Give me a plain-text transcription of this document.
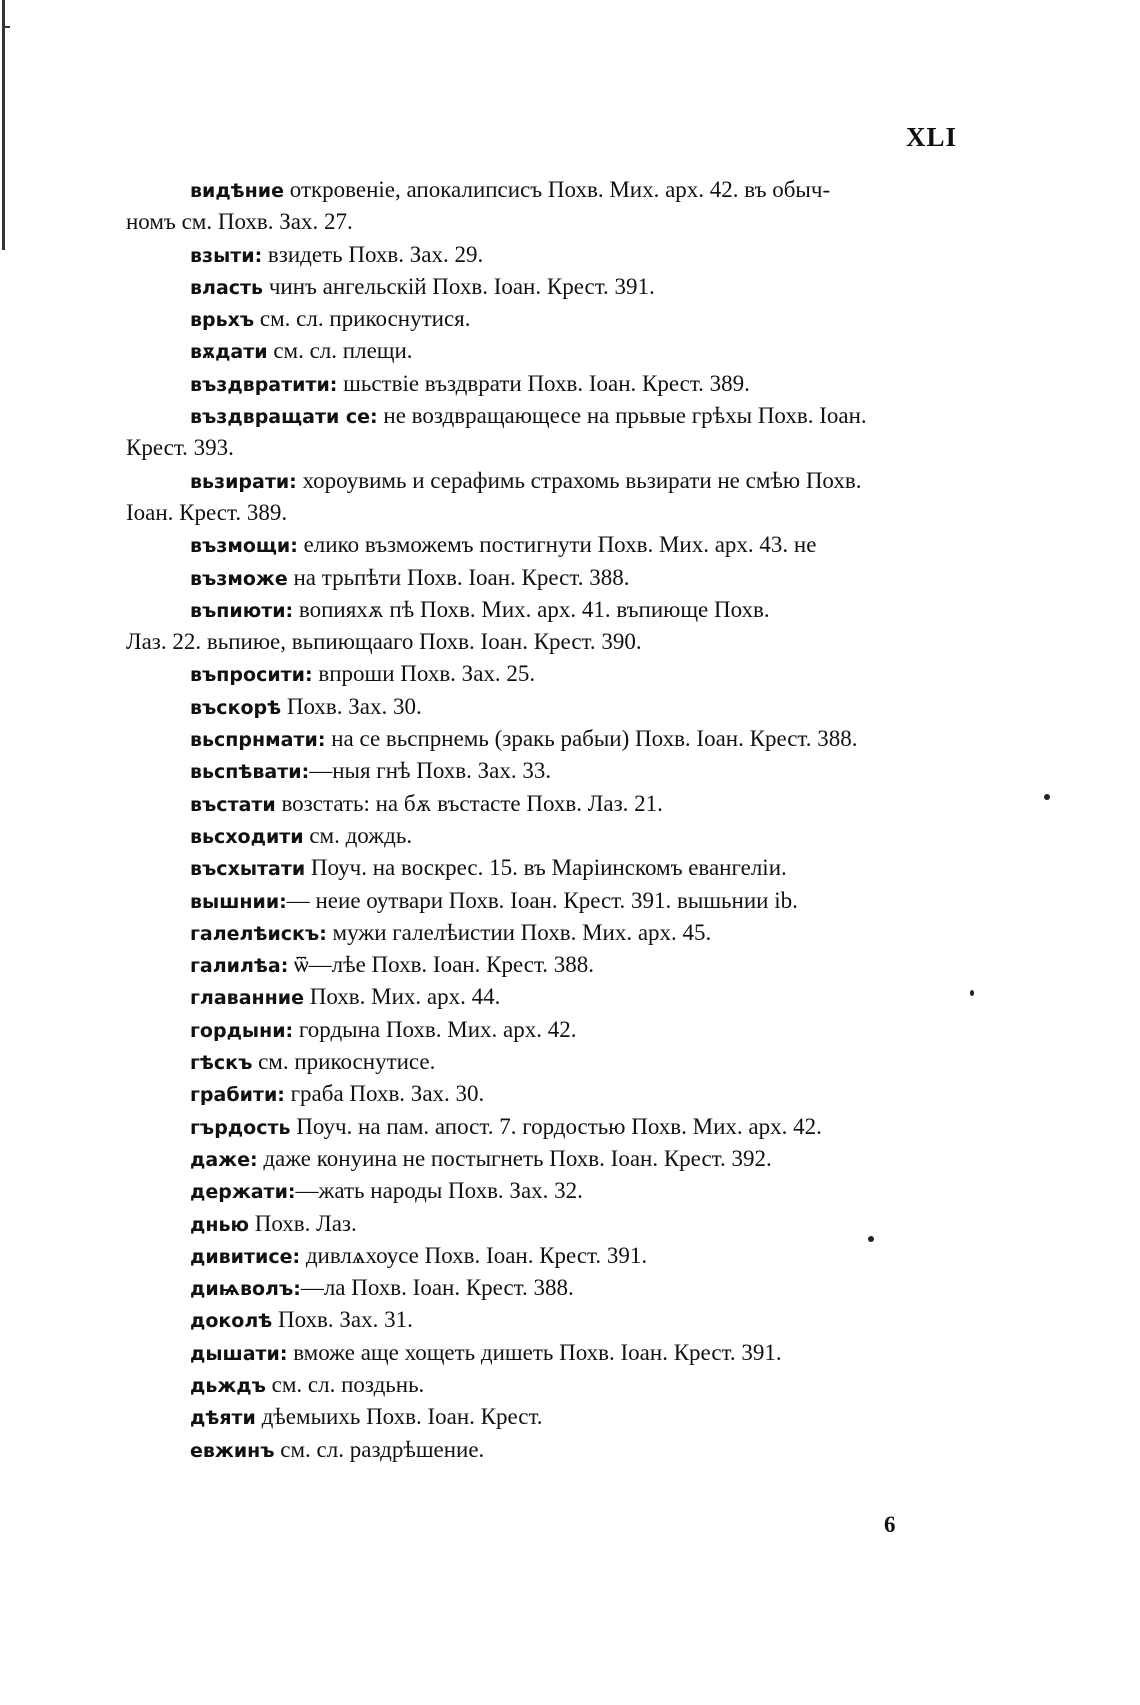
XLI
видѣние откровеніе, апокалипсисъ Похв. Мих. арх. 42. въ обыч-
номъ см. Похв. Зах. 27.
взыти: взидеть Похв. Зах. 29.
власть чинъ ангельскій Похв. Іоан. Крест. 391.
врьхъ см. сл. прикоснутися.
вѫдати см. сл. плещи.
въздвратити: шьствіе въздврати Похв. Іоан. Крест. 389.
въздвращати се: не воздвращающесе на прьвые грѣхы Похв. Іоан.
Крест. 393.
вьзирати: хороувимь и серафимь страхомь вьзирати не смѣю Похв.
Іоан. Крест. 389.
възмощи: елико възможемъ постигнути Похв. Мих. арх. 43. не
възможе на трьпѣти Похв. Іоан. Крест. 388.
въпиюти: вопияхѫ пѣ Похв. Мих. арх. 41. въпиюще Похв.
Лаз. 22. вьпиюе, вьпиющааго Похв. Іоан. Крест. 390.
въпросити: впроши Похв. Зах. 25.
въскорѣ Похв. Зах. 30.
вьспрнмати: на се вьспрнемь (зракь рабыи) Похв. Іоан. Крест. 388.
вьспѣвати:—ныя гнѣ Похв. Зах. 33.
въстати возстать: на бѫ въстасте Похв. Лаз. 21.
вьсходити см. дождь.
въсхытати Поуч. на воскрес. 15. въ Маріинскомъ евангеліи.
вышнии:— неие оутвари Похв. Іоан. Крест. 391. вышьнии ib.
галелѣискъ: мужи галелѣистии Похв. Мих. арх. 45.
галилѣа: ѿ—лѣе Похв. Іоан. Крест. 388.
главанние Похв. Мих. арх. 44.
гордыни: гордына Похв. Мих. арх. 42.
гѣскъ см. прикоснутисе.
грабити: граба Похв. Зах. 30.
гърдость Поуч. на пам. апост. 7. гордостью Похв. Мих. арх. 42.
даже: даже конуина не постыгнеть Похв. Іоан. Крест. 392.
держати:—жать народы Похв. Зах. 32.
днью Похв. Лаз.
дивитисе: дивлѧхоусе Похв. Іоан. Крест. 391.
диѩволъ:—ла Похв. Іоан. Крест. 388.
доколѣ Похв. Зах. 31.
дышати: вможе аще хощеть дишеть Похв. Іоан. Крест. 391.
дьждъ см. сл. поздьнь.
дѣяти дѣемыихь Похв. Іоан. Крест.
евжинъ см. сл. раздрѣшение.
6
